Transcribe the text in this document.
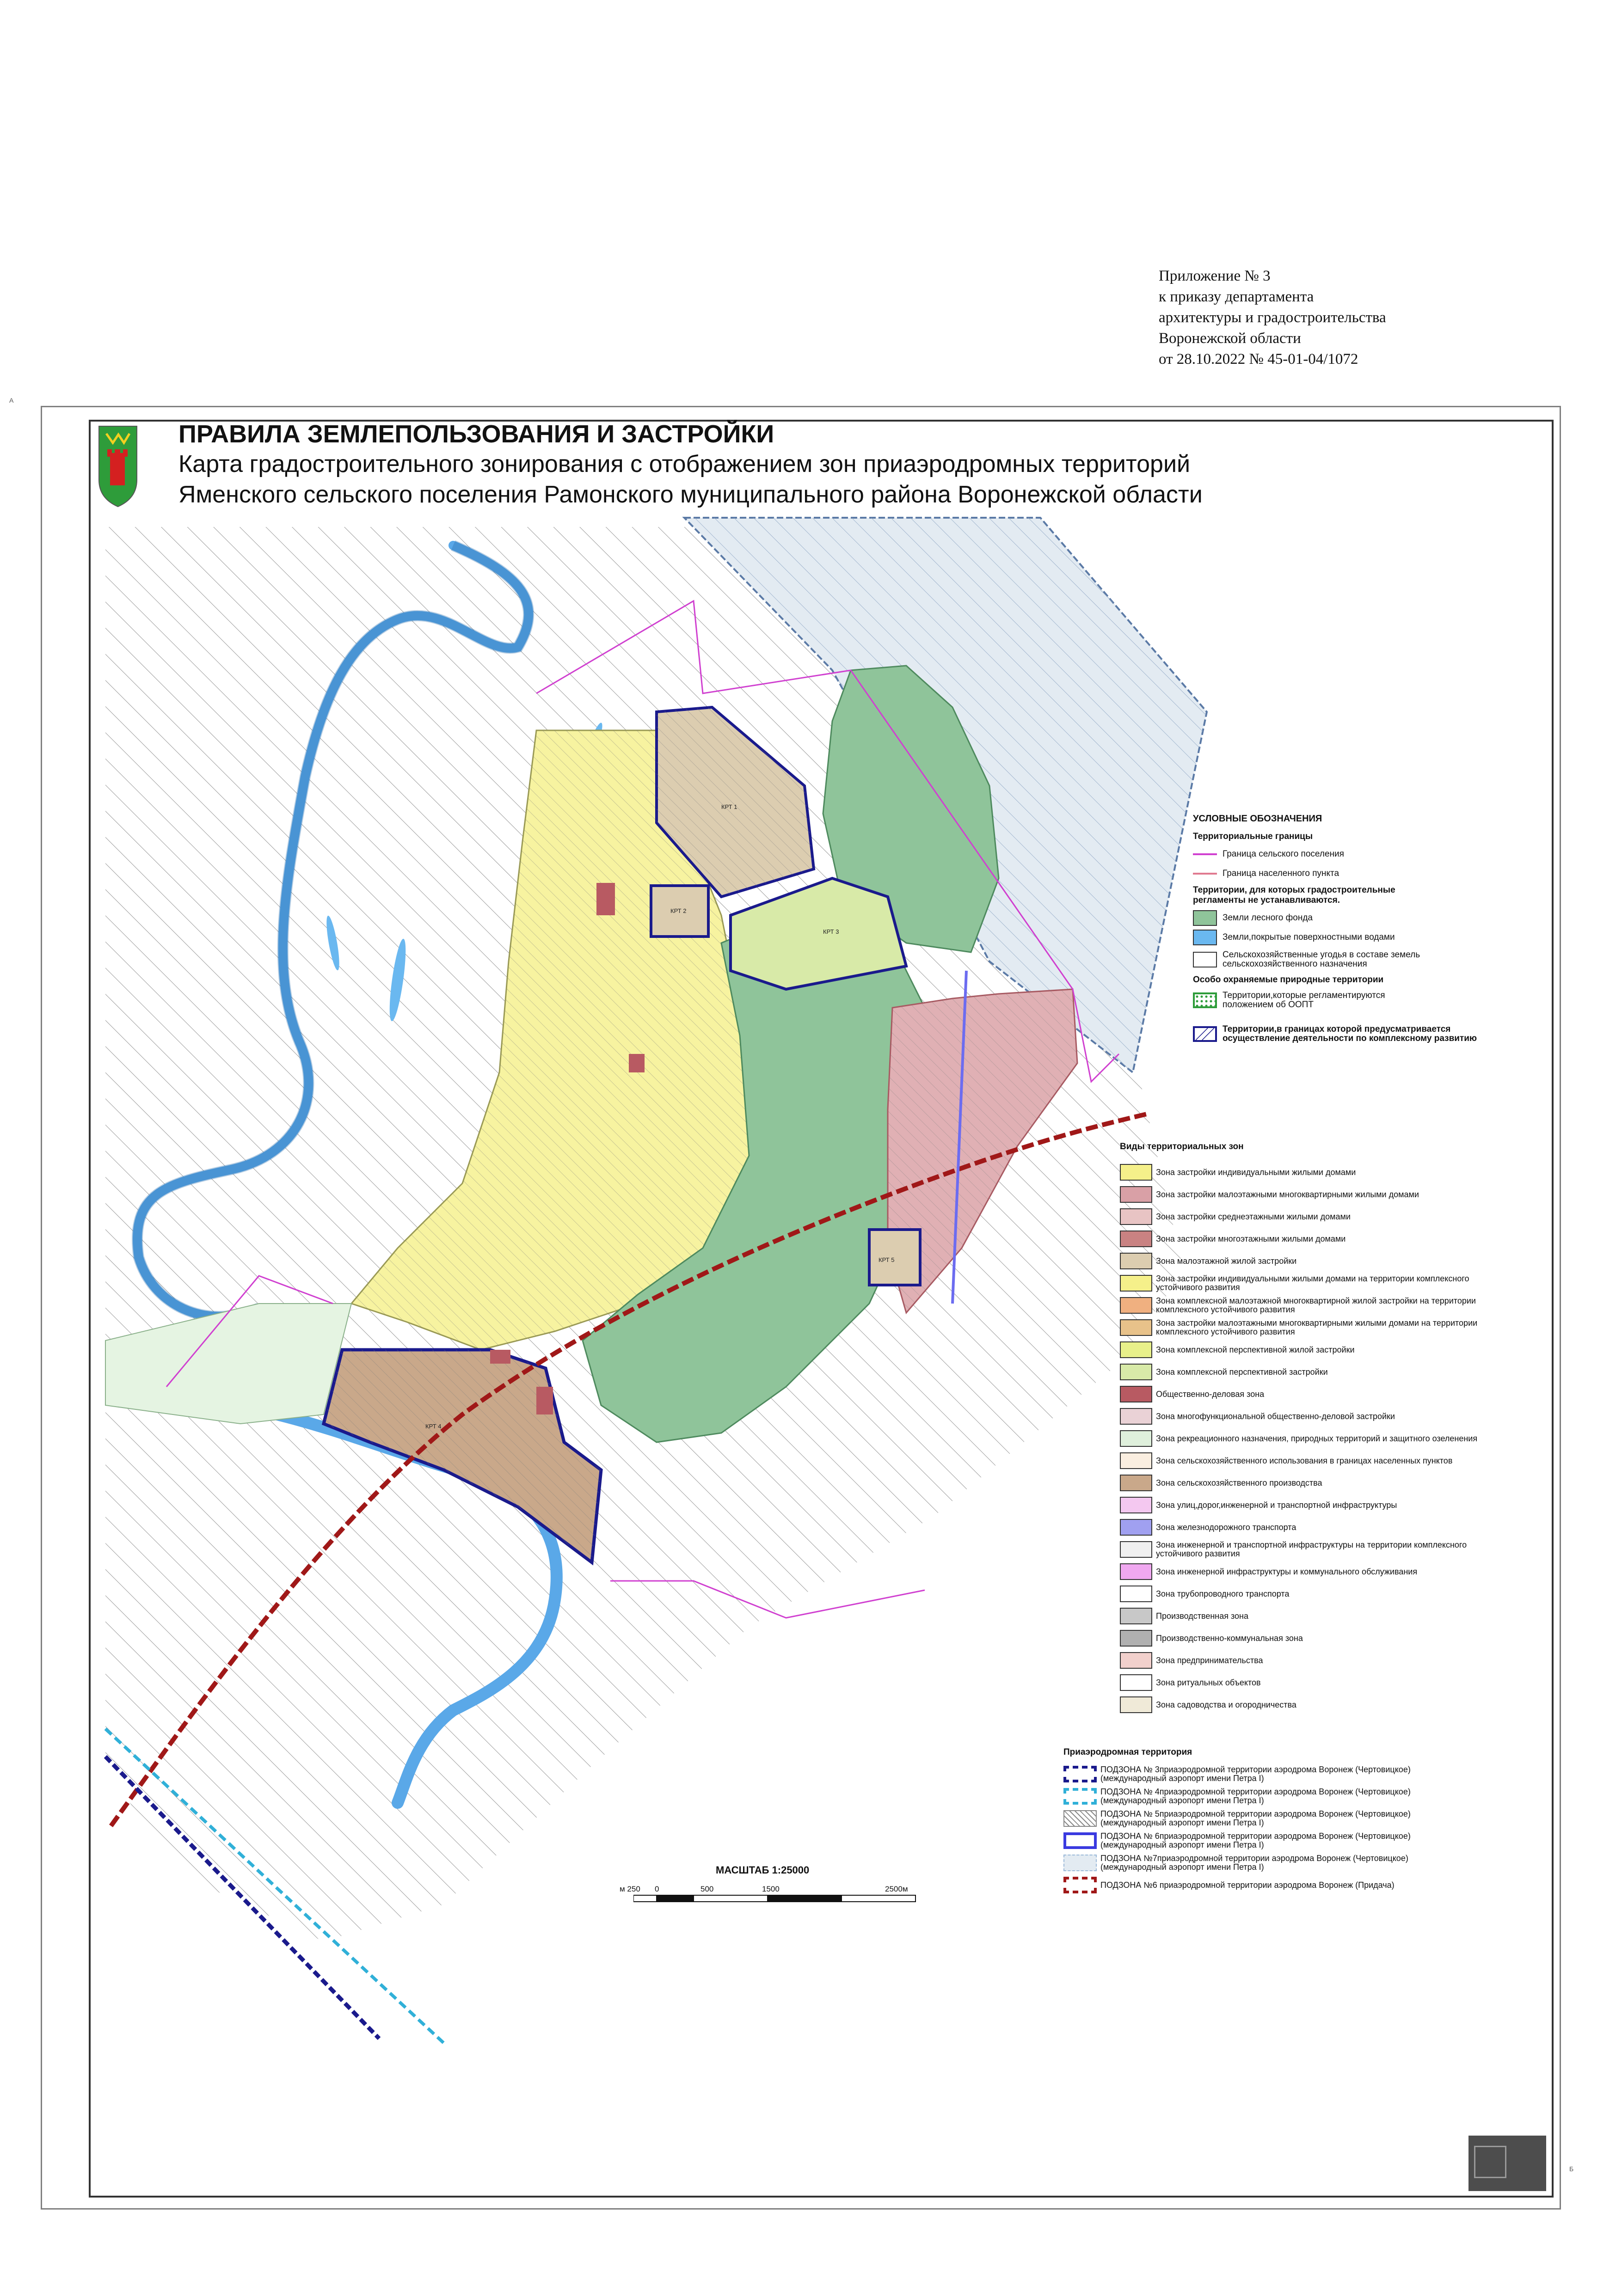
КРТ 1
КРТ 2
КРТ 3
КРТ 4
КРТ 5
Приложение № 3
к приказу департамента
архитектуры и градостроительства
Воронежской области
от 28.10.2022 № 45-01-04/1072
ПРАВИЛА ЗЕМЛЕПОЛЬЗОВАНИЯ И ЗАСТРОЙКИ
Карта градостроительного зонирования с отображением зон приаэродромных территорий
Яменского сельского поселения Рамонского муниципального района Воронежской области
УСЛОВНЫЕ ОБОЗНАЧЕНИЯ
Территориальные границы
Граница сельского поселения
Граница населенного пункта
Территории, для которых градостроительные регламенты не устанавливаются.
Земли лесного фонда
Земли,покрытые поверхностными водами
Сельскохозяйственные угодья в составе земель сельскохозяйственного назначения
Особо охраняемые природные территории
Территории,которые регламентируются положением об ООПТ
Территории,в границах которой предусматривается осуществление деятельности по комплексному развитию
Виды территориальных зон
Зона застройки индивидуальными жилыми домами
Зона застройки малоэтажными многоквартирными жилыми домами
Зона застройки среднеэтажными жилыми домами
Зона застройки многоэтажными жилыми домами
Зона малоэтажной жилой застройки
Зона застройки индивидуальными жилыми домами на территории комплексного устойчивого развития
Зона комплексной малоэтажной многоквартирной жилой застройки на территории комплексного устойчивого развития
Зона застройки малоэтажными многоквартирными жилыми домами на территории комплексного устойчивого развития
Зона комплексной перспективной жилой застройки
Зона комплексной перспективной застройки
Общественно-деловая зона
Зона многофункциональной общественно-деловой застройки
Зона рекреационного назначения, природных территорий и защитного озеленения
Зона сельскохозяйственного использования в границах населенных пунктов
Зона сельскохозяйственного производства
Зона улиц,дорог,инженерной и транспортной инфраструктуры
Зона железнодорожного транспорта
Зона инженерной и транспортной инфраструктуры на территории комплексного устойчивого развития
Зона инженерной инфраструктуры и коммунального обслуживания
Зона трубопроводного транспорта
Производственная зона
Производственно-коммунальная зона
Зона предпринимательства
Зона ритуальных объектов
Зона садоводства и огородничества
Приаэродромная территория
ПОДЗОНА № 3приаэродромной территории аэродрома Воронеж (Чертовицкое) (международный аэропорт имени Петра I)
ПОДЗОНА № 4приаэродромной территории аэродрома Воронеж (Чертовицкое) (международный аэропорт имени Петра I)
ПОДЗОНА № 5приаэродромной территории аэродрома Воронеж (Чертовицкое) (международный аэропорт имени Петра I)
ПОДЗОНА № 6приаэродромной территории аэродрома Воронеж (Чертовицкое) (международный аэропорт имени Петра I)
ПОДЗОНА №7приаэродромной территории аэродрома Воронеж (Чертовицкое) (международный аэропорт имени Петра I)
ПОДЗОНА №6 приаэродромной территории аэродрома Воронеж (Придача)
МАСШТАБ 1:25000
м 250 0	500	1500	2500м
А
Б
